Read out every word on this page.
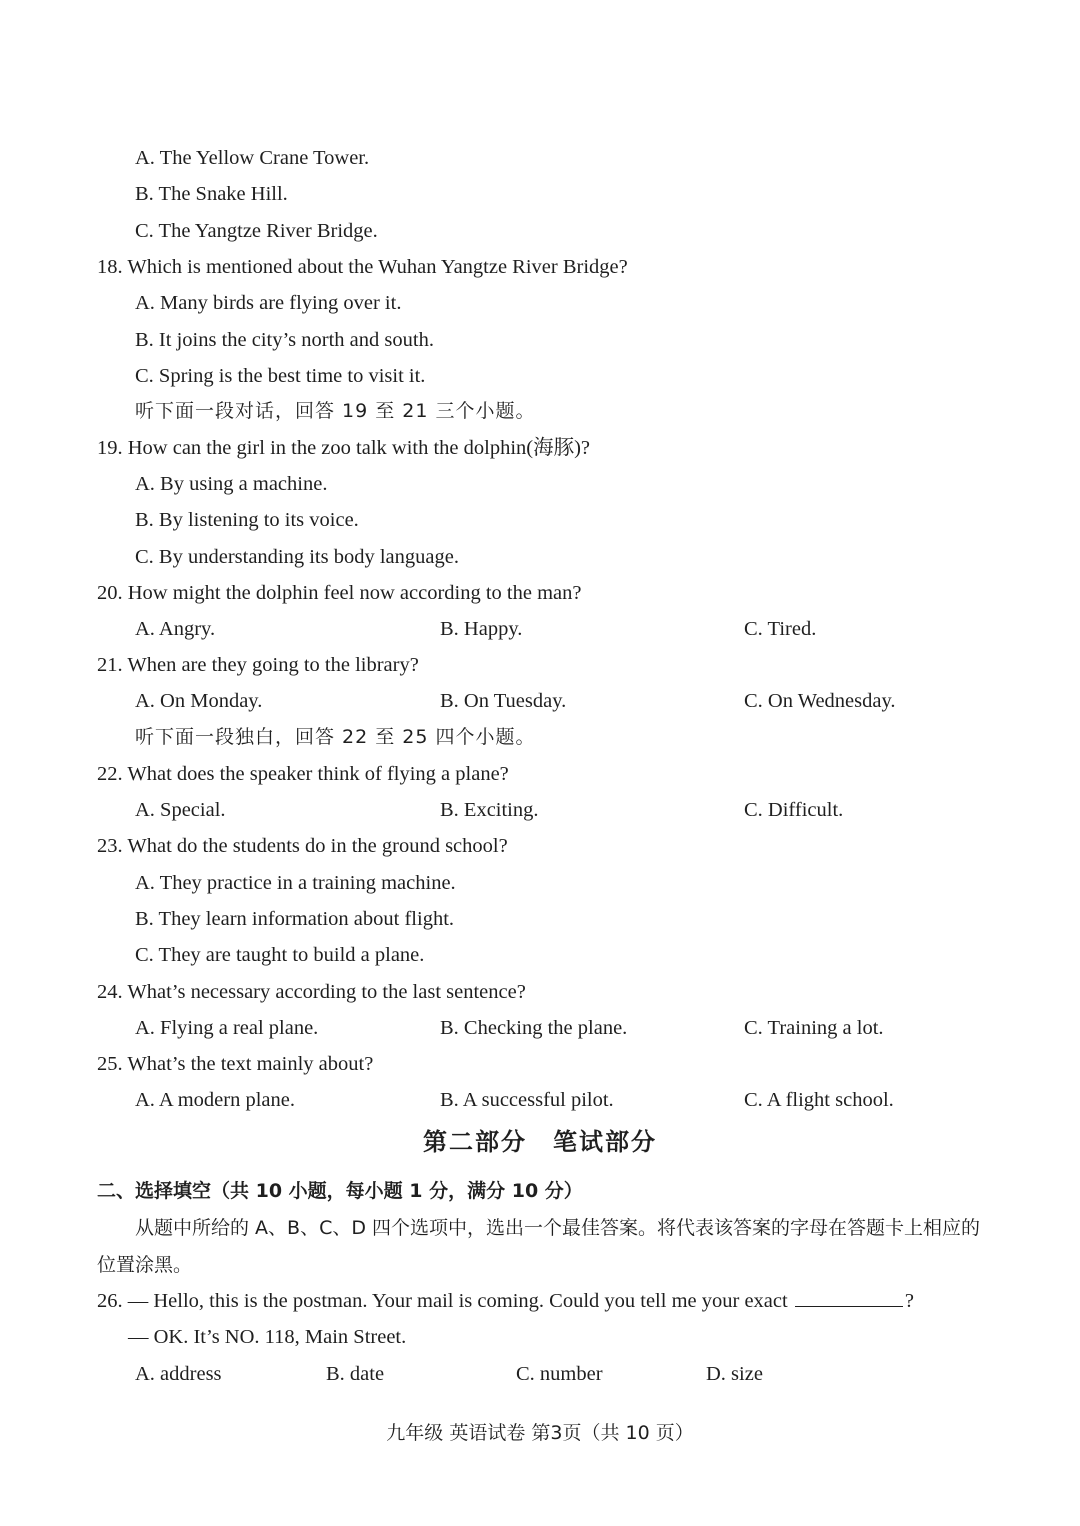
A. The Yellow Crane Tower.
B. The Snake Hill.
C. The Yangtze River Bridge.
18. Which is mentioned about the Wuhan Yangtze River Bridge?
A. Many birds are flying over it.
B. It joins the city’s north and south.
C. Spring is the best time to visit it.
听下面一段对话，回答 19 至 21 三个小题。
19. How can the girl in the zoo talk with the dolphin(海豚)?
A. By using a machine.
B. By listening to its voice.
C. By understanding its body language.
20. How might the dolphin feel now according to the man?
A. Angry.	B. Happy.	C. Tired.
21. When are they going to the library?
A. On Monday.	B. On Tuesday.	C. On Wednesday.
听下面一段独白，回答 22 至 25 四个小题。
22. What does the speaker think of flying a plane?
A. Special.	B. Exciting.	C. Difficult.
23. What do the students do in the ground school?
A. They practice in a training machine.
B. They learn information about flight.
C. They are taught to build a plane.
24. What’s necessary according to the last sentence?
A. Flying a real plane.	B. Checking the plane.	C. Training a lot.
25. What’s the text mainly about?
A. A modern plane.	B. A successful pilot.	C. A flight school.
第二部分　笔试部分
二、选择填空（共 10 小题，每小题 1 分，满分 10 分）
从题中所给的 A、B、C、D 四个选项中，选出一个最佳答案。将代表该答案的字母在答题卡上相应的位置涂黑。
26. — Hello, this is the postman. Your mail is coming. Could you tell me your exact	?
— OK. It’s NO. 118, Main Street.
A. address	B. date	C. number	D. size
九年级 英语试卷 第3页（共 10 页）
